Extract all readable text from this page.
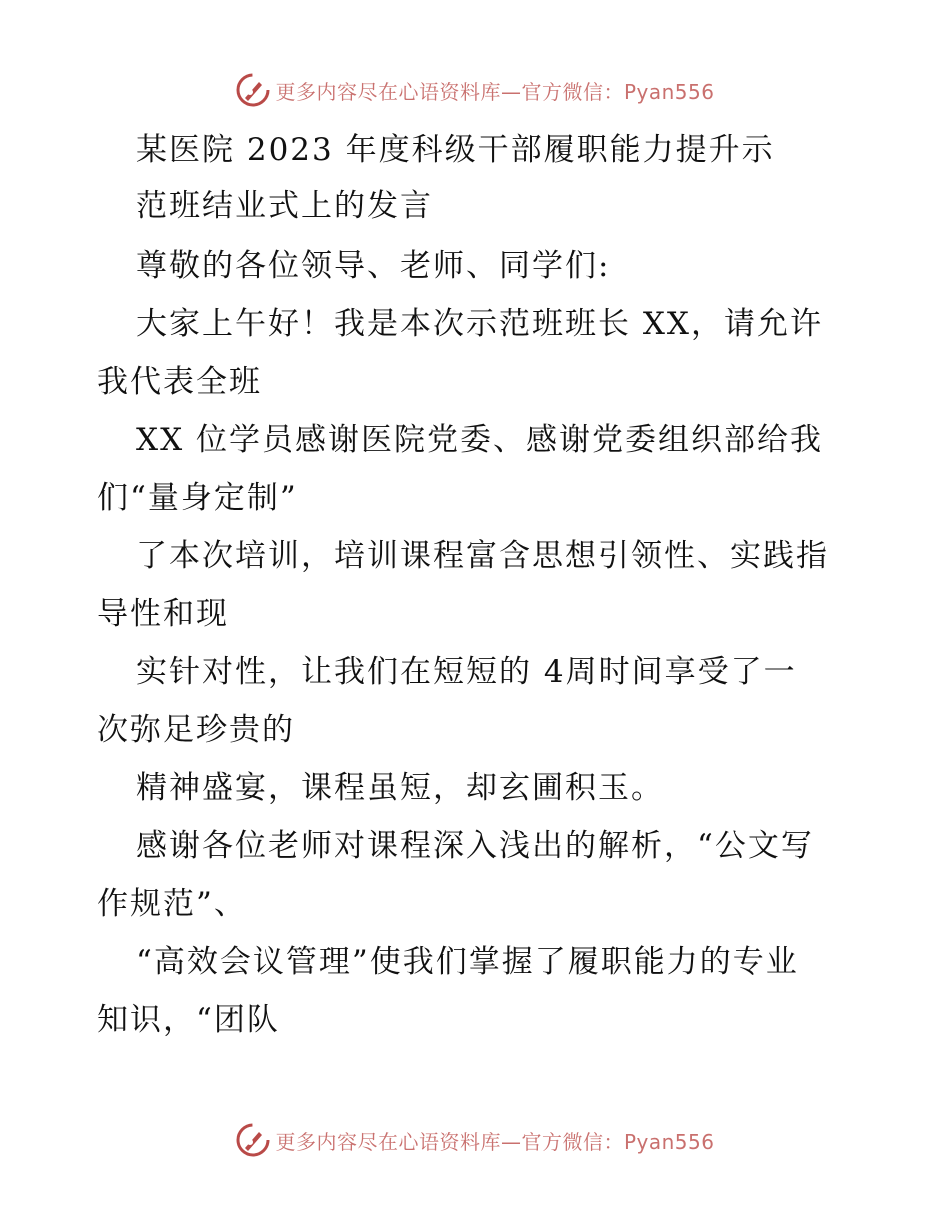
更多内容尽在心语资料库—官方微信：Pyan556
某医院 2023 年度科级干部履职能力提升示
范班结业式上的发言
尊敬的各位领导、老师、同学们:
大家上午好！我是本次示范班班长 XX，请允许
我代表全班
XX 位学员感谢医院党委、感谢党委组织部给我
们“量身定制”
了本次培训，培训课程富含思想引领性、实践指
导性和现
实针对性，让我们在短短的 4周时间享受了一
次弥足珍贵的
精神盛宴，课程虽短，却玄圃积玉。
感谢各位老师对课程深入浅出的解析，“公文写
作规范”、
“高效会议管理”使我们掌握了履职能力的专业
知识，“团队
更多内容尽在心语资料库—官方微信：Pyan556
